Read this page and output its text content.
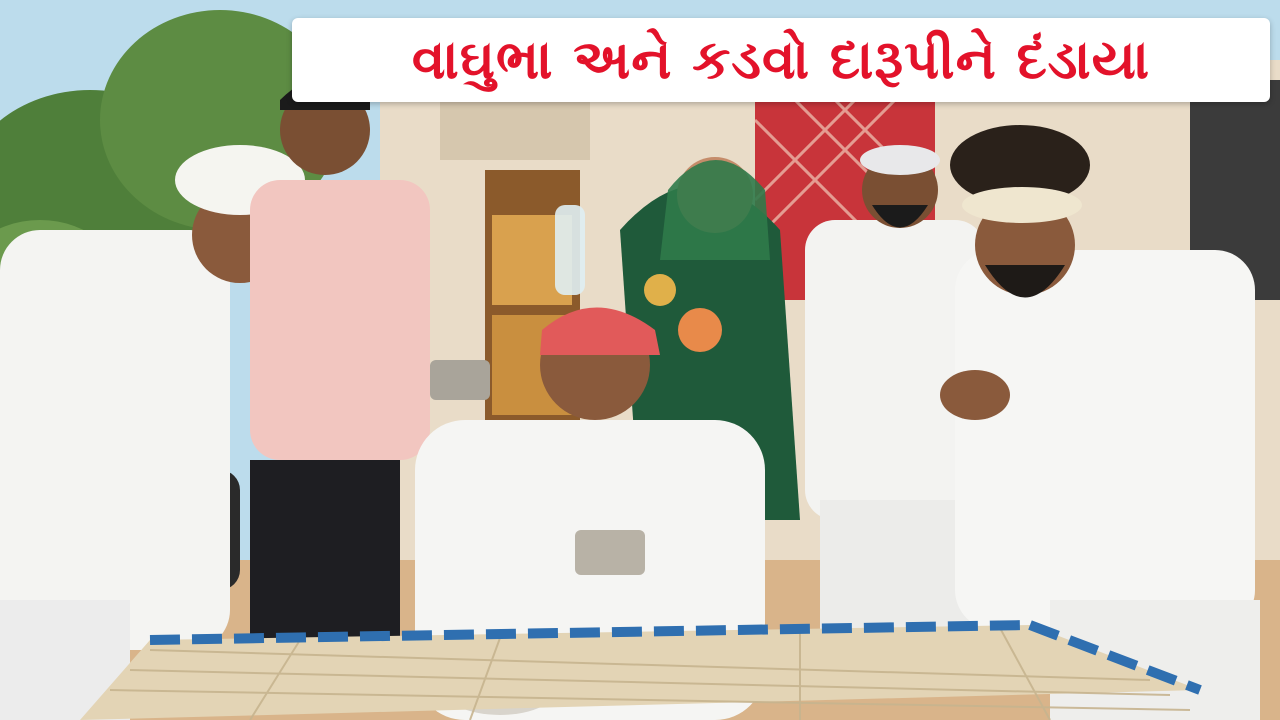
વાઘુભા અને કડવો દારૂપીને દંડાયા
